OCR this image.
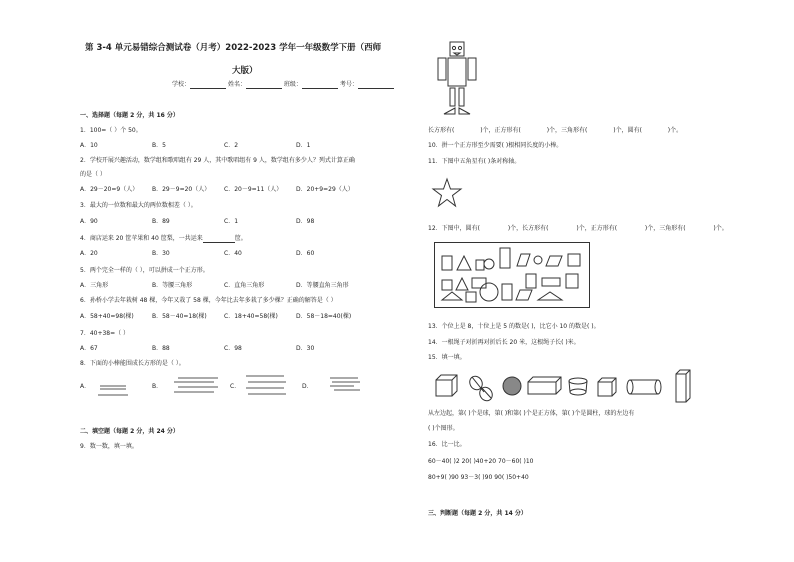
第 3-4 单元易错综合测试卷（月考）2022-2023 学年一年级数学下册（西师
大版）
学校：	姓名：	班级：	考号：
一、选择题（每题 2 分，共 16 分）
1．100=（ ）个 50。
A．10	B．5	C．2	D．1
2．学校开展兴趣活动，数学组和歌唱组有 29 人，其中歌唱组有 9 人，数学组有多少人？列式计算正确
的是（ ）
A．29－20=9（人） B．29－9=20（人） C．20－9=11（人） D．20+9=29（人）
3．最大的一位数和最大的两位数相差（ ）。
A．90	B．89	C．1	D．98
4．商店运来 20 筐苹果和 40 筐梨，一共运来	筐。
A．20	B．30	C．40	D．60
5．两个完全一样的（ ），可以拼成一个正方形。
A．三角形	B．等腰三角形	C．直角三角形	D．等腰直角三角形
6．孙桥小学去年栽树 48 棵，今年又栽了 58 棵，今年比去年多栽了多少棵？正确的解答是（ ）
A．58+40=98(棵)	B．58－40=18(棵)	C．18+40=58(棵)	D．58－18=40(棵)
7．40+38=（ ）
A．67	B．88	C．98	D．30
8．下面的小棒能围成长方形的是（ ）。
A．	B．	C．	D．
二、填空题（每题 2 分，共 24 分）
9．数一数，填一填。
长方形有(	)个，正方形有(	)个，三角形有(	)个，圆有(	)个。
10．拼一个正方形至少需要( )根相同长度的小棒。
11．下图中五角星有( )条对称轴。
12．下图中，圆有(	)个，长方形有(	)个，正方形有(	)个，三角形有(	)个。
13．个位上是 8，十位上是 5 的数是( )，比它小 10 的数是( )。
14．一根绳子对折再对折后长 20 米，这根绳子长( )米。
15．填一填。
从左边起，第( )个是球，第( )和第( )个是正方体，第( )个是圆柱，球的左边有
( )个图形。
16．比一比。
60－40( )2 20( )40+20 70－60( )10
80+9( )90 93－3( )90 90( )50+40
三、判断题（每题 2 分，共 14 分）
